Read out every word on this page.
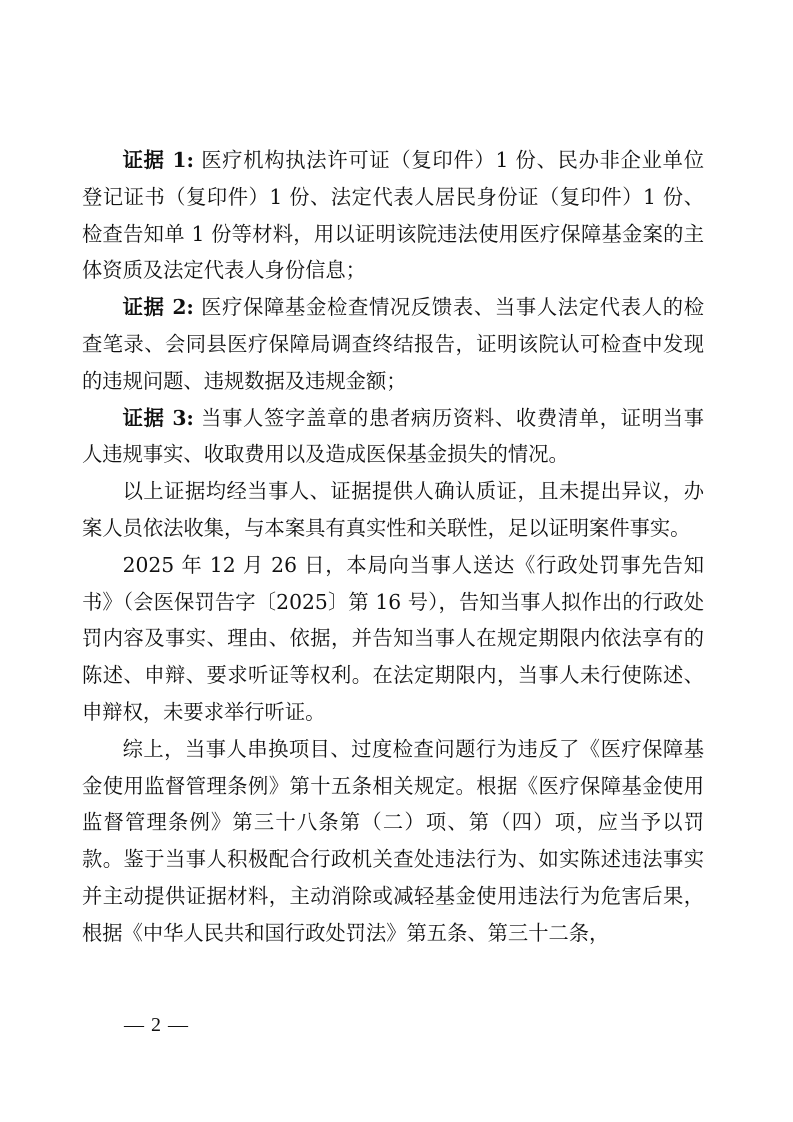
证据 1: 医疗机构执法许可证（复印件）1 份、民办非企业单位登记证书（复印件）1 份、法定代表人居民身份证（复印件）1 份、检查告知单 1 份等材料，用以证明该院违法使用医疗保障基金案的主体资质及法定代表人身份信息；

证据 2: 医疗保障基金检查情况反馈表、当事人法定代表人的检查笔录、会同县医疗保障局调查终结报告，证明该院认可检查中发现的违规问题、违规数据及违规金额；

证据 3: 当事人签字盖章的患者病历资料、收费清单，证明当事人违规事实、收取费用以及造成医保基金损失的情况。

以上证据均经当事人、证据提供人确认质证，且未提出异议，办案人员依法收集，与本案具有真实性和关联性，足以证明案件事实。

2025 年 12 月 26 日，本局向当事人送达《行政处罚事先告知书》（会医保罚告字〔2025〕第 16 号），告知当事人拟作出的行政处罚内容及事实、理由、依据，并告知当事人在规定期限内依法享有的陈述、申辩、要求听证等权利。在法定期限内，当事人未行使陈述、申辩权，未要求举行听证。

综上，当事人串换项目、过度检查问题行为违反了《医疗保障基金使用监督管理条例》第十五条相关规定。根据《医疗保障基金使用监督管理条例》第三十八条第（二）项、第（四）项，应当予以罚款。鉴于当事人积极配合行政机关查处违法行为、如实陈述违法事实并主动提供证据材料，主动消除或减轻基金使用违法行为危害后果，根据《中华人民共和国行政处罚法》第五条、第三十二条，

— 2 —
